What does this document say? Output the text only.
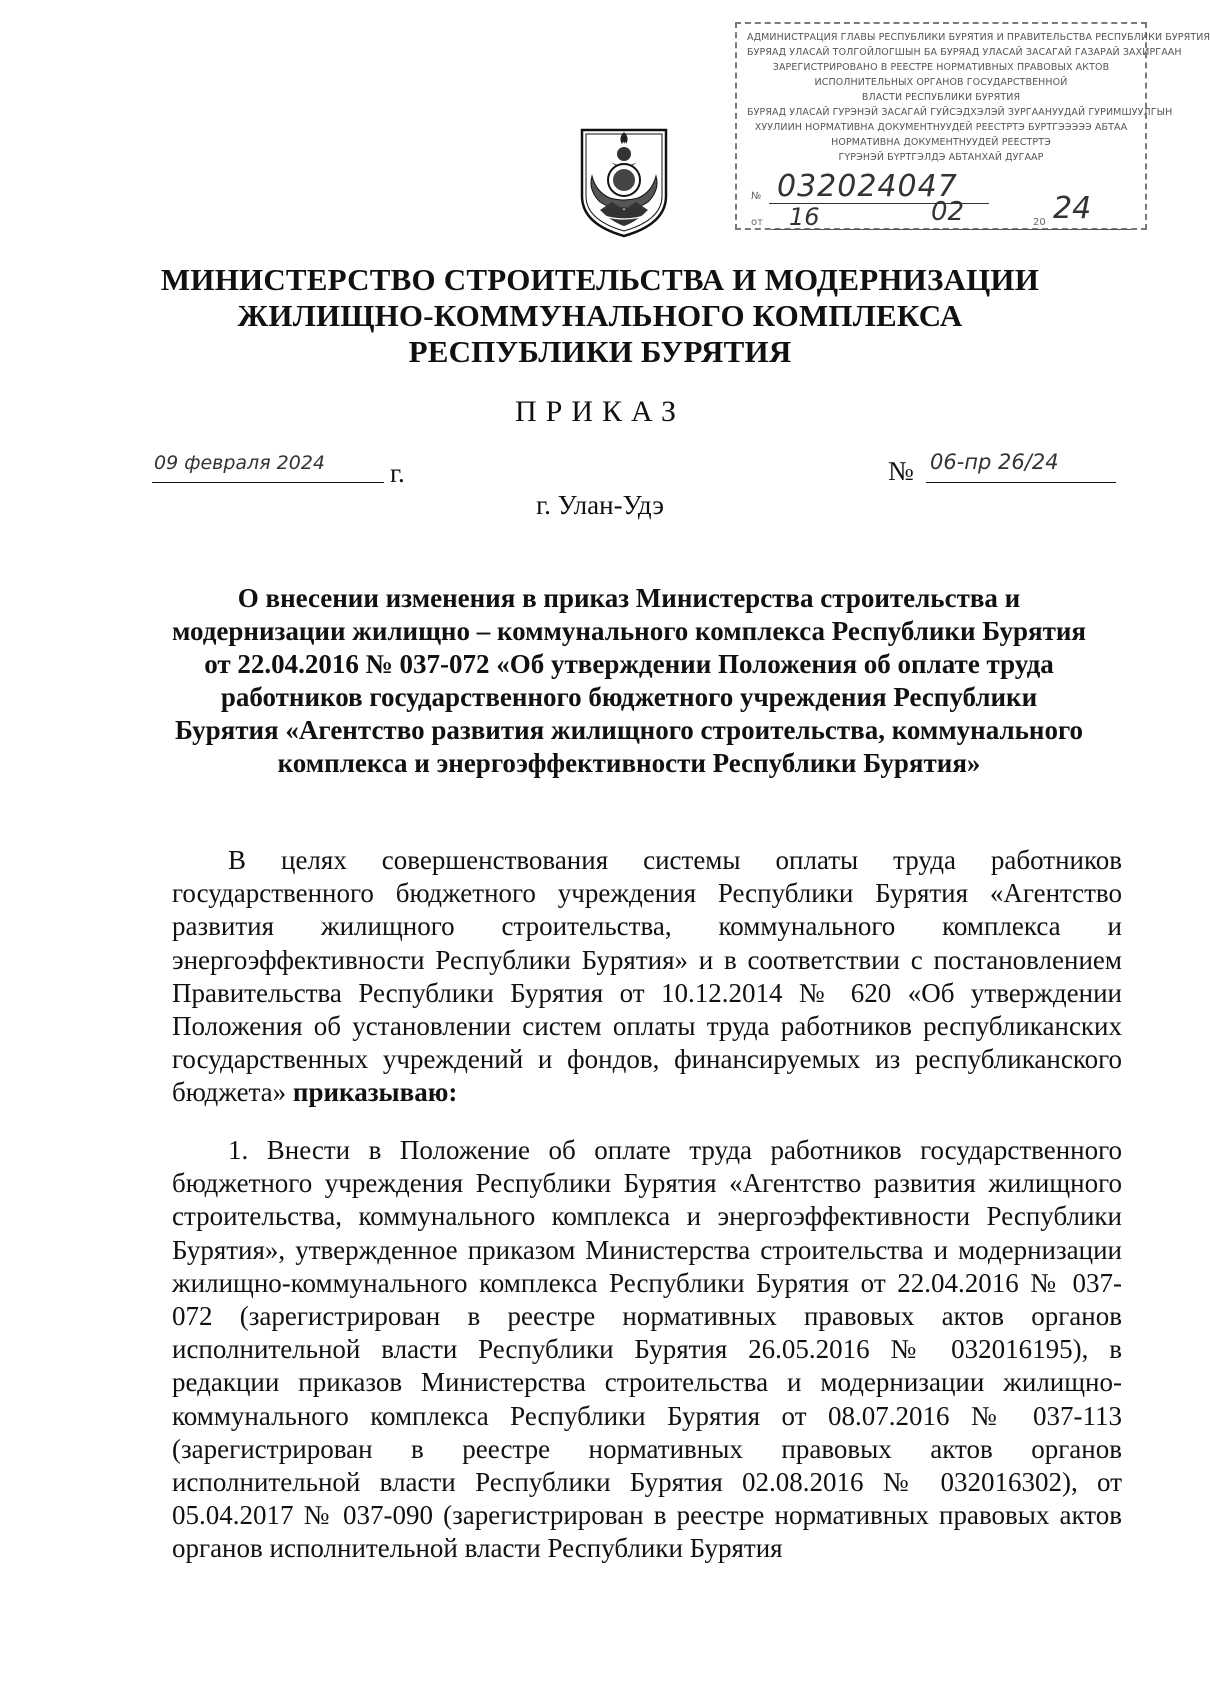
АДМИНИСТРАЦИЯ ГЛАВЫ РЕСПУБЛИКИ БУРЯТИЯ И ПРАВИТЕЛЬСТВА РЕСПУБЛИКИ БУРЯТИЯ
БУРЯАД УЛАСАЙ ТОЛГОЙЛОГШЫН БА БУРЯАД УЛАСАЙ ЗАСАГАЙ ГАЗАРАЙ ЗАХИРГААН
ЗАРЕГИСТРИРОВАНО В РЕЕСТРЕ НОРМАТИВНЫХ ПРАВОВЫХ АКТОВ
ИСПОЛНИТЕЛЬНЫХ ОРГАНОВ ГОСУДАРСТВЕННОЙ
ВЛАСТИ РЕСПУБЛИКИ БУРЯТИЯ
БУРЯАД УЛАСАЙ ГУРЭНЭЙ ЗАСАГАЙ ГУЙСЭДХЭЛЭЙ ЗУРГААНУУДАЙ ГУРИМШУУЛГЫН
ХУУЛИИН НОРМАТИВНА ДОКУМЕНТНУУДЕЙ РЕЕСТРТЭ БУРТГЭЭЭЭЭ АБТАА
НОРМАТИВНА ДОКУМЕНТНУУДЕЙ РЕЕСТРТЭ
ГҮРЭНЭЙ БҮРТГЭЛДЭ АБТАНХАЙ ДУГААР
№ 032024047
от 16	02	20 24
МИНИСТЕРСТВО СТРОИТЕЛЬСТВА И МОДЕРНИЗАЦИИ
ЖИЛИЩНО-КОММУНАЛЬНОГО КОМПЛЕКСА
РЕСПУБЛИКИ БУРЯТИЯ
ПРИКАЗ
09 февраля 2024 г.	№ 06-пр 26/24
г. Улан-Удэ
О внесении изменения в приказ Министерства строительства и модернизации жилищно – коммунального комплекса Республики Бурятия от 22.04.2016 № 037-072 «Об утверждении Положения об оплате труда работников государственного бюджетного учреждения Республики Бурятия «Агентство развития жилищного строительства, коммунального комплекса и энергоэффективности Республики Бурятия»

В целях совершенствования системы оплаты труда работников государственного бюджетного учреждения Республики Бурятия «Агентство развития жилищного строительства, коммунального комплекса и энергоэффективности Республики Бурятия» и в соответствии с постановлением Правительства Республики Бурятия от 10.12.2014 № 620 «Об утверждении Положения об установлении систем оплаты труда работников республиканских государственных учреждений и фондов, финансируемых из республиканского бюджета» приказываю:

1. Внести в Положение об оплате труда работников государственного бюджетного учреждения Республики Бурятия «Агентство развития жилищного строительства, коммунального комплекса и энергоэффективности Республики Бурятия», утвержденное приказом Министерства строительства и модернизации жилищно-коммунального комплекса Республики Бурятия от 22.04.2016 № 037-072 (зарегистрирован в реестре нормативных правовых актов органов исполнительной власти Республики Бурятия 26.05.2016 № 032016195), в редакции приказов Министерства строительства и модернизации жилищно-коммунального комплекса Республики Бурятия от 08.07.2016 № 037-113 (зарегистрирован в реестре нормативных правовых актов органов исполнительной власти Республики Бурятия 02.08.2016 № 032016302), от 05.04.2017 № 037-090 (зарегистрирован в реестре нормативных правовых актов органов исполнительной власти Республики Бурятия
